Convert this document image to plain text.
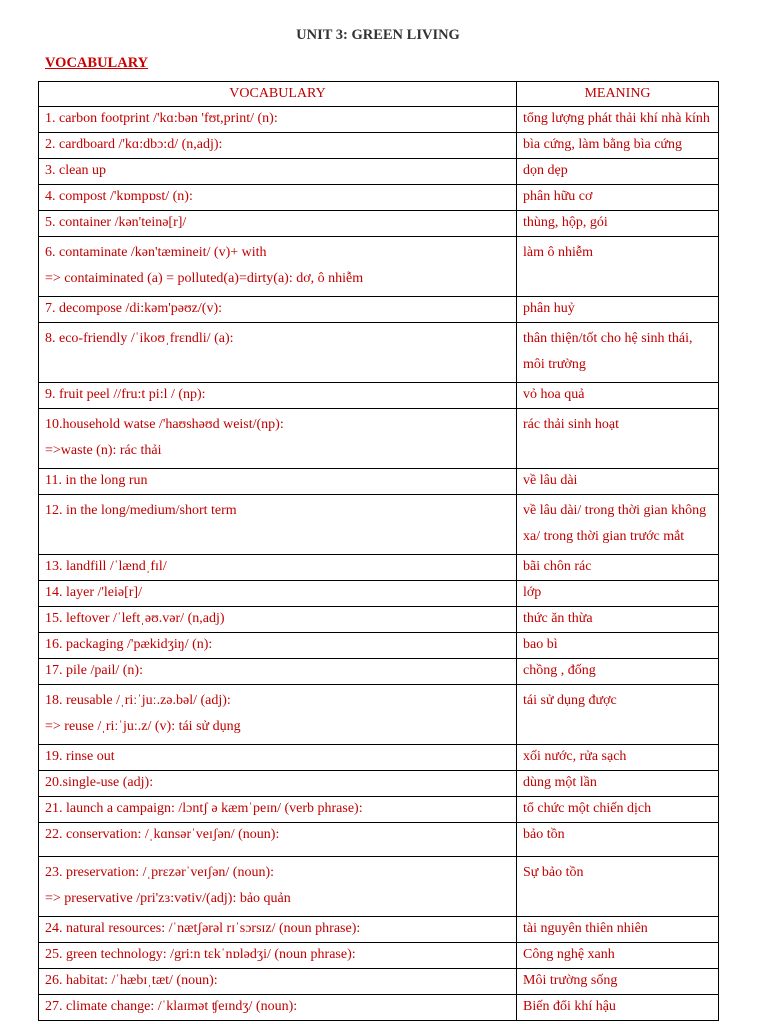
UNIT 3: GREEN LIVING
VOCABULARY
VOCABULARY	MEANING

1. carbon footprint /'kɑ:bən 'fʊt,print/ (n):	tổng lượng phát thải khí nhà kính

2. cardboard /'kɑ:dbɔ:d/ (n,adj):	bìa cứng, làm bằng bìa cứng

3. clean up	dọn dẹp

4. compost /'kɒmpɒst/ (n):	phân hữu cơ

5. container /kən'teinə[r]/	thùng, hộp, gói

6. contaminate /kən'tæmineit/ (v)+ with
=> contaiminated (a) = polluted(a)=dirty(a): dơ, ô nhiễm	làm ô nhiễm

7. decompose /di:kəm'pəʊz/(v):	phân huỷ

8. eco-friendly /ˈikoʊˌfrɛndli/ (a):	thân thiện/tốt cho hệ sinh thái,
môi trường

9. fruit peel //fru:t pi:l / (np):	vỏ hoa quả

10.household watse /'haʊshəʊd weist/(np):
=>waste (n): rác thải	rác thải sinh hoạt

11. in the long run	về lâu dài

12. in the long/medium/short term	về lâu dài/ trong thời gian không
xa/ trong thời gian trước mắt

13. landfill /ˈlændˌfɪl/	bãi chôn rác

14. layer /'leiə[r]/	lớp

15. leftover /ˈleftˌəʊ.vər/ (n,adj)	thức ăn thừa

16. packaging /'pækidʒiŋ/ (n):	bao bì

17. pile /pail/ (n):	chồng , đống

18. reusable /ˌriːˈjuː.zə.bəl/ (adj):
=> reuse /ˌriːˈjuː.z/ (v): tái sử dụng	tái sử dụng được

19. rinse out	xối nước, rửa sạch

20.single-use (adj):	dùng một lần

21. launch a campaign: /lɔntʃ ə kæmˈpeɪn/ (verb phrase):	tổ chức một chiến dịch

22. conservation: /ˌkɑnsərˈveɪʃən/ (noun):	bảo tồn

23. preservation: /ˌprɛzərˈveɪʃən/ (noun):
=> preservative /pri'zɜ:vətiv/(adj): bảo quản	Sự bảo tồn

24. natural resources: /ˈnætʃərəl rɪˈsɔrsɪz/ (noun phrase):	tài nguyên thiên nhiên

25. green technology: /gri:n tɛkˈnɒlədʒi/ (noun phrase):	Công nghệ xanh

26. habitat: /ˈhæbɪˌtæt/ (noun):	Môi trường sống

27. climate change: /ˈklaɪmət ʧeɪndʒ/ (noun):	Biến đổi khí hậu
